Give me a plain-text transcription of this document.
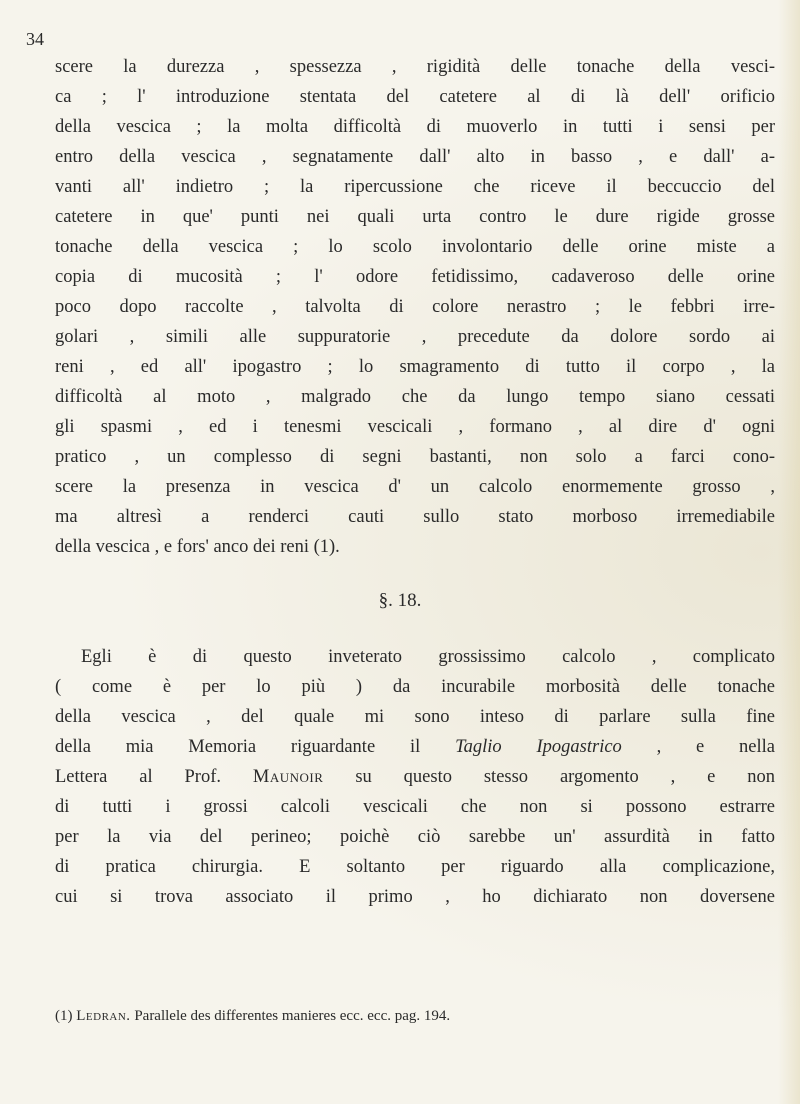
34
scere la durezza , spessezza , rigidità delle tonache della vesci-
ca ; l' introduzione stentata del catetere al di là dell' orificio
della vescica ; la molta difficoltà di muoverlo in tutti i sensi per
entro della vescica , segnatamente dall' alto in basso , e dall' a-
vanti all' indietro ; la ripercussione che riceve il beccuccio del
catetere in que' punti nei quali urta contro le dure rigide grosse
tonache della vescica ; lo scolo involontario delle orine miste a
copia di mucosità ; l' odore fetidissimo, cadaveroso delle orine
poco dopo raccolte , talvolta di colore nerastro ; le febbri irre-
golari , simili alle suppuratorie , precedute da dolore sordo ai
reni , ed all' ipogastro ; lo smagramento di tutto il corpo , la
difficoltà al moto , malgrado che da lungo tempo siano cessati
gli spasmi , ed i tenesmi vescicali , formano , al dire d' ogni
pratico , un complesso di segni bastanti, non solo a farci cono-
scere la presenza in vescica d' un calcolo enormemente grosso ,
ma altresì a renderci cauti sullo stato morboso irremediabile
della vescica , e fors' anco dei reni (1).
§. 18.
Egli è di questo inveterato grossissimo calcolo , complicato
( come è per lo più ) da incurabile morbosità delle tonache
della vescica , del quale mi sono inteso di parlare sulla fine
della mia Memoria riguardante il Taglio Ipogastrico , e nella
Lettera al Prof. Maunoir su questo stesso argomento , e non
di tutti i grossi calcoli vescicali che non si possono estrarre
per la via del perineo; poichè ciò sarebbe un' assurdità in fatto
di pratica chirurgia. E soltanto per riguardo alla complicazione,
cui si trova associato il primo , ho dichiarato non doversene
(1) Ledran. Parallele des differentes manieres ecc. ecc. pag. 194.
